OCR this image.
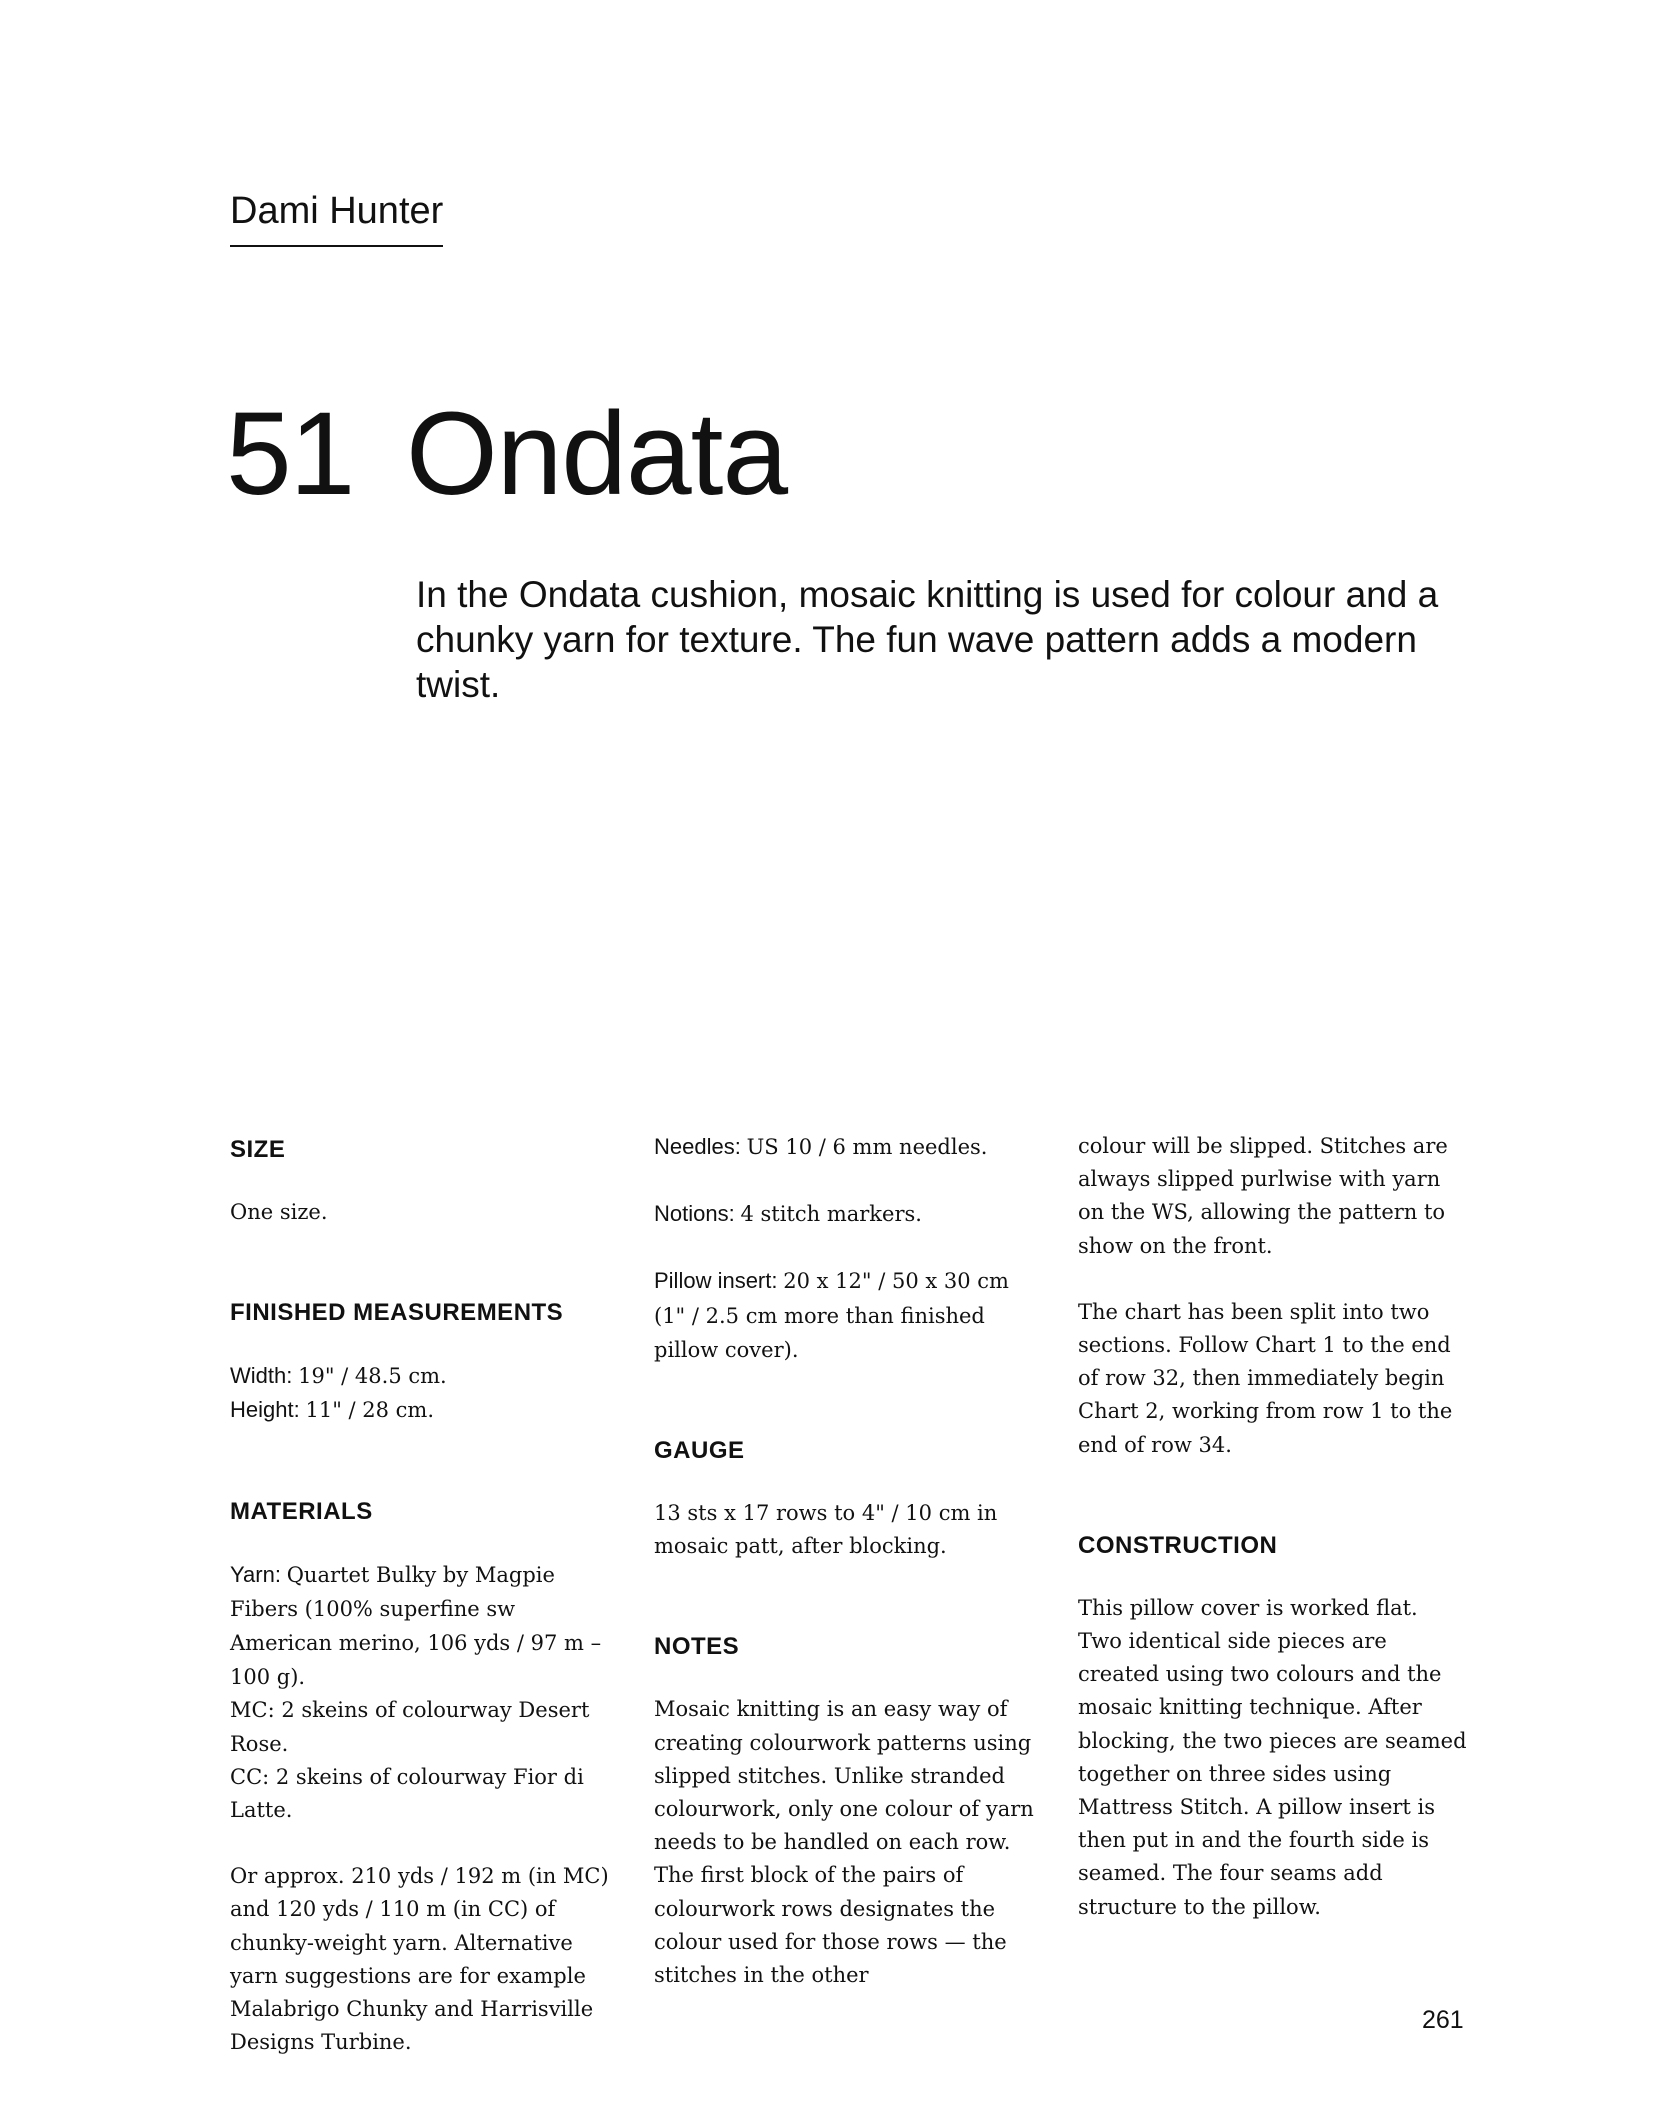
Dami Hunter
51 Ondata
In the Ondata cushion, mosaic knitting is used for colour and a chunky yarn for texture. The fun wave pattern adds a modern twist.
SIZE

One size.

FINISHED MEASUREMENTS

Width: 19" / 48.5 cm.

Height: 11" / 28 cm.

MATERIALS

Yarn: Quartet Bulky by Magpie Fibers (100% superfine sw American merino, 106 yds / 97 m – 100 g).

MC: 2 skeins of colourway Desert Rose.

CC: 2 skeins of colourway Fior di Latte.

Or approx. 210 yds / 192 m (in MC) and 120 yds / 110 m (in CC) of chunky-weight yarn. Alternative yarn suggestions are for example Malabrigo Chunky and Harrisville Designs Turbine.

Needles: US 10 / 6 mm needles.

Notions: 4 stitch markers.

Pillow insert: 20 x 12" / 50 x 30 cm (1" / 2.5 cm more than finished pillow cover).

GAUGE

13 sts x 17 rows to 4" / 10 cm in mosaic patt, after blocking.

NOTES

Mosaic knitting is an easy way of creating colourwork patterns using slipped stitches. Unlike stranded colourwork, only one colour of yarn needs to be handled on each row. The first block of the pairs of colourwork rows designates the colour used for those rows — the stitches in the other

colour will be slipped. Stitches are always slipped purlwise with yarn on the WS, allowing the pattern to show on the front.

The chart has been split into two sections. Follow Chart 1 to the end of row 32, then immediately begin Chart 2, working from row 1 to the end of row 34.

CONSTRUCTION

This pillow cover is worked flat. Two identical side pieces are created using two colours and the mosaic knitting technique. After blocking, the two pieces are seamed together on three sides using Mattress Stitch. A pillow insert is then put in and the fourth side is seamed. The four seams add structure to the pillow.

261
